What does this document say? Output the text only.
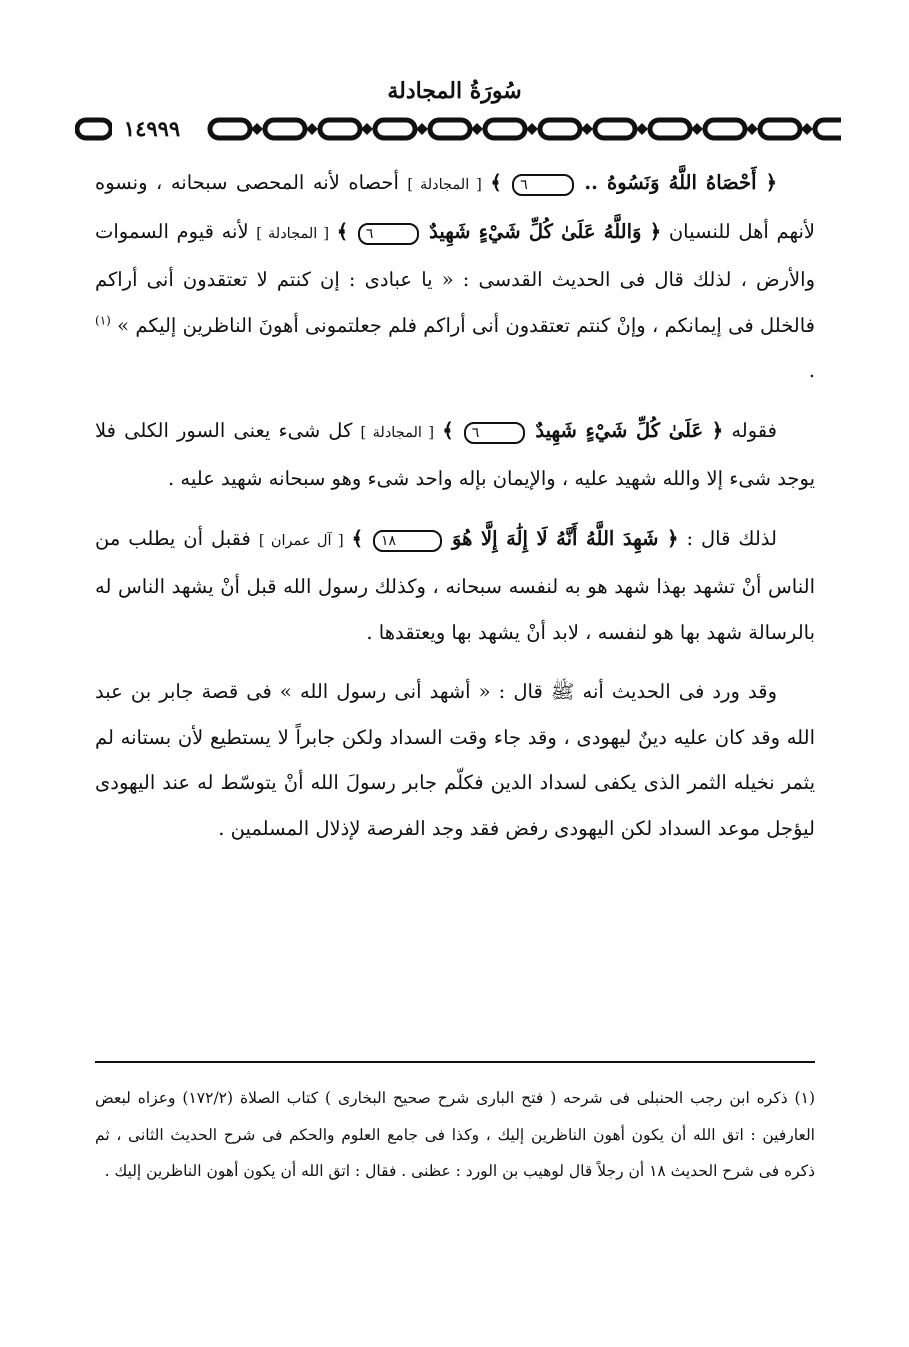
سُورَةُ المجادلة
١٤٩٩٩

﴿ أَحْصَاهُ اللَّهُ وَنَسُوهُ .. ٦ ﴾ [ المجادلة ] أحصاه لأنه المحصى سبحانه ، ونسوه لأنهم أهل للنسيان ﴿ وَاللَّهُ عَلَىٰ كُلِّ شَيْءٍ شَهِيدٌ ٦ ﴾ [ المجادلة ] لأنه قيوم السموات والأرض ، لذلك قال فى الحديث القدسى : « يا عبادى : إن كنتم لا تعتقدون أنى أراكم فالخلل فى إيمانكم ، وإنْ كنتم تعتقدون أنى أراكم فلم جعلتمونى أهونَ الناظرين إليكم » $^{(١)}$ .

فقوله ﴿ عَلَىٰ كُلِّ شَيْءٍ شَهِيدٌ ٦ ﴾ [ المجادلة ] كل شىء يعنى السور الكلى فلا يوجد شىء إلا والله شهيد عليه ، والإيمان بإله واحد شىء وهو سبحانه شهيد عليه .

لذلك قال : ﴿ شَهِدَ اللَّهُ أَنَّهُ لَا إِلَٰهَ إِلَّا هُوَ ١٨ ﴾ [ آل عمران ] فقبل أن يطلب من الناس أنْ تشهد بهذا شهد هو به لنفسه سبحانه ، وكذلك رسول الله قبل أنْ يشهد الناس له بالرسالة شهد بها هو لنفسه ، لابد أنْ يشهد بها ويعتقدها .

وقد ورد فى الحديث أنه ﷺ قال : « أشهد أنى رسول الله » فى قصة جابر بن عبد الله وقد كان عليه دينٌ ليهودى ، وقد جاء وقت السداد ولكن جابراً لا يستطيع لأن بستانه لم يثمر نخيله الثمر الذى يكفى لسداد الدين فكلّم جابر رسولَ الله أنْ يتوسّط له عند اليهودى ليؤجل موعد السداد لكن اليهودى رفض فقد وجد الفرصة لإذلال المسلمين .

(١) ذكره ابن رجب الحنبلى فى شرحه ( فتح البارى شرح صحيح البخارى ) كتاب الصلاة (١٧٢/٢) وعزاه لبعض العارفين : اتق الله أن يكون أهون الناظرين إليك ، وكذا فى جامع العلوم والحكم فى شرح الحديث الثانى ، ثم ذكره فى شرح الحديث ١٨ أن رجلاً قال لوهيب بن الورد : عظنى . فقال : اتق الله أن يكون أهون الناظرين إليك .
